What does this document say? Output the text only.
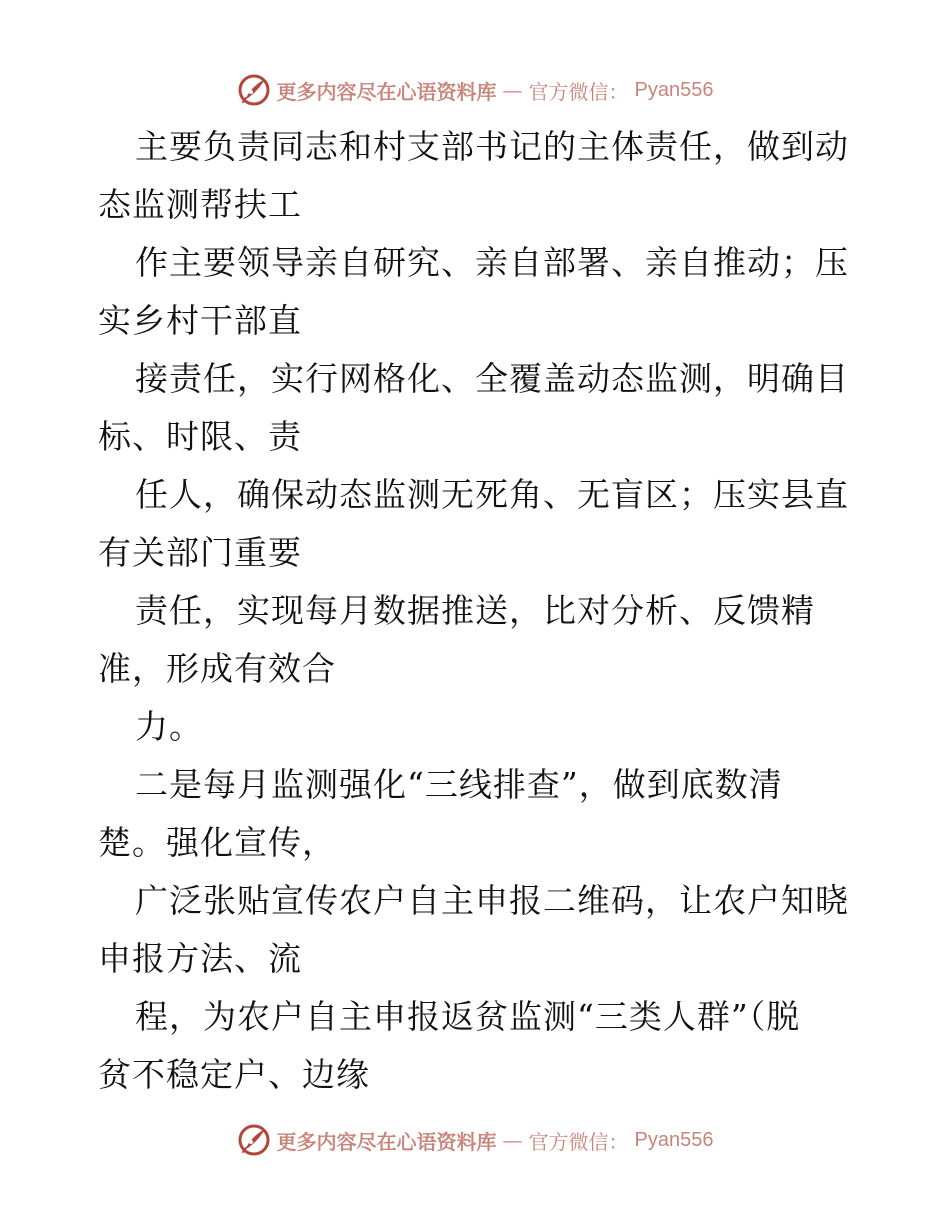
更多内容尽在心语资料库 — 官方微信： Pyan556
主要负责同志和村支部书记的主体责任，做到动
态监测帮扶工
作主要领导亲自研究、亲自部署、亲自推动；压
实乡村干部直
接责任，实行网格化、全覆盖动态监测，明确目
标、时限、责
任人，确保动态监测无死角、无盲区；压实县直
有关部门重要
责任，实现每月数据推送，比对分析、反馈精
准，形成有效合
力。
二是每月监测强化“三线排查”，做到底数清
楚。强化宣传，
广泛张贴宣传农户自主申报二维码，让农户知晓
申报方法、流
程，为农户自主申报返贫监测“三类人群”（脱
贫不稳定户、边缘
更多内容尽在心语资料库 — 官方微信： Pyan556
